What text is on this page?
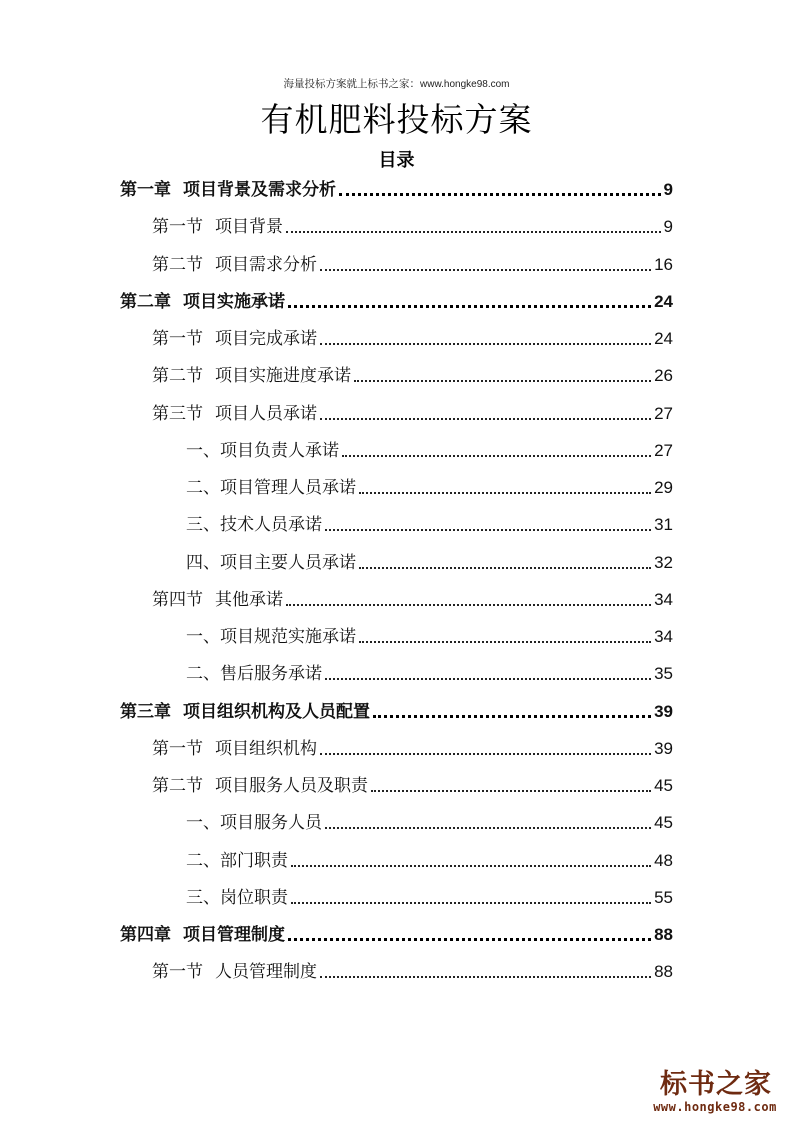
海量投标方案就上标书之家：www.hongke98.com
有机肥料投标方案
目录
第一章 项目背景及需求分析	9
第一节 项目背景	9
第二节 项目需求分析	16
第二章 项目实施承诺	24
第一节 项目完成承诺	24
第二节 项目实施进度承诺	26
第三节 项目人员承诺	27
一、项目负责人承诺	27
二、项目管理人员承诺	29
三、技术人员承诺	31
四、项目主要人员承诺	32
第四节 其他承诺	34
一、项目规范实施承诺	34
二、售后服务承诺	35
第三章 项目组织机构及人员配置	39
第一节 项目组织机构	39
第二节 项目服务人员及职责	45
一、项目服务人员	45
二、部门职责	48
三、岗位职责	55
第四章 项目管理制度	88
第一节 人员管理制度	88
标书之家
www.hongke98.com
